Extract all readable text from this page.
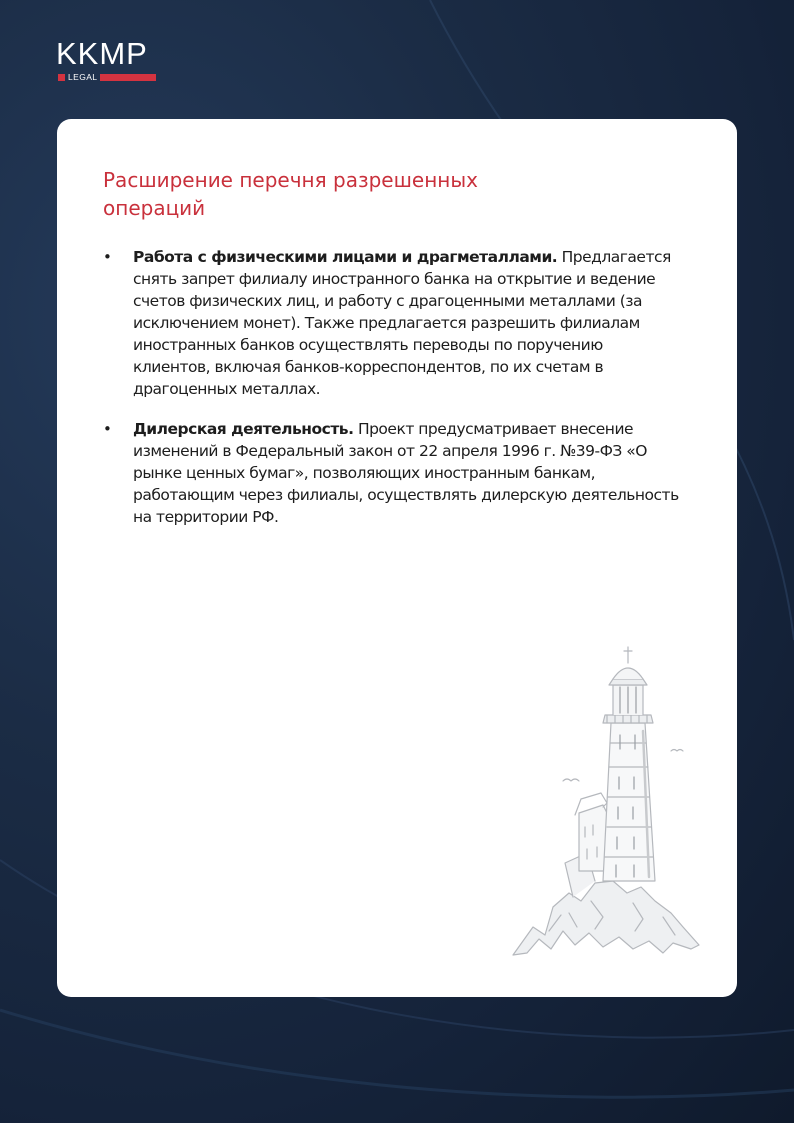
KKMP
LEGAL
Расширение перечня разрешенных операций
• Работа с физическими лицами и драгметаллами. Предлагается снять запрет филиалу иностранного банка на открытие и ведение счетов физических лиц, и работу с драгоценными металлами (за исключением монет). Также предлагается разрешить филиалам иностранных банков осуществлять переводы по поручению клиентов, включая банков-корреспондентов, по их счетам в драгоценных металлах.
• Дилерская деятельность. Проект предусматривает внесение изменений в Федеральный закон от 22 апреля 1996 г. №39-ФЗ «О рынке ценных бумаг», позволяющих иностранным банкам, работающим через филиалы, осуществлять дилерскую деятельность на территории РФ.
